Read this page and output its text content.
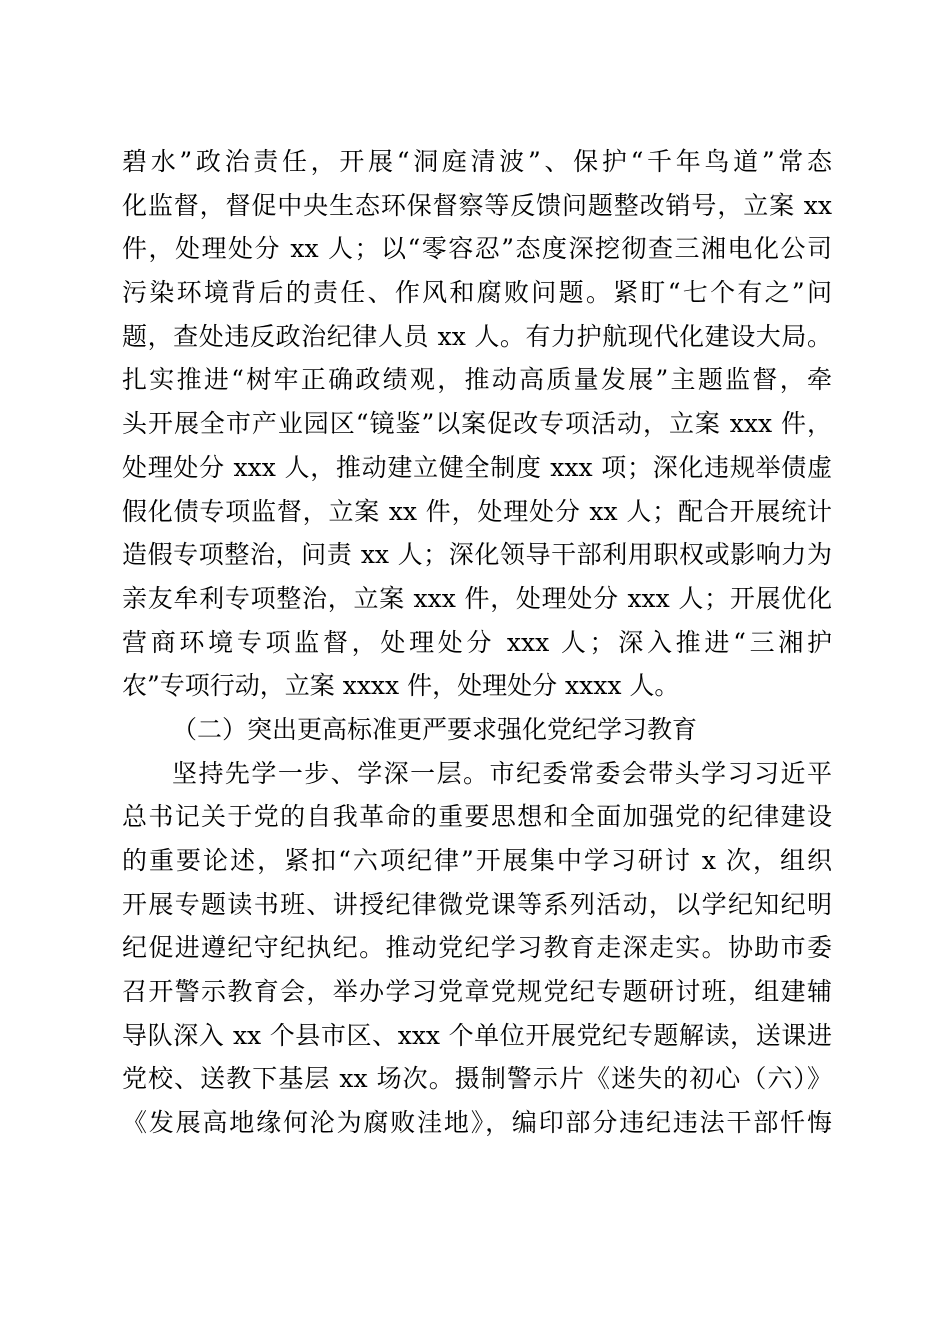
碧水”政治责任，开展“洞庭清波”、保护“千年鸟道”常态
化监督，督促中央生态环保督察等反馈问题整改销号，立案 xx
件，处理处分 xx 人；以“零容忍”态度深挖彻查三湘电化公司
污染环境背后的责任、作风和腐败问题。紧盯“七个有之”问
题，查处违反政治纪律人员 xx 人。有力护航现代化建设大局。
扎实推进“树牢正确政绩观，推动高质量发展”主题监督，牵
头开展全市产业园区“镜鉴”以案促改专项活动，立案 xxx 件，
处理处分 xxx 人，推动建立健全制度 xxx 项；深化违规举债虚
假化债专项监督，立案 xx 件，处理处分 xx 人；配合开展统计
造假专项整治，问责 xx 人；深化领导干部利用职权或影响力为
亲友牟利专项整治，立案 xxx 件，处理处分 xxx 人；开展优化
营商环境专项监督，处理处分 xxx 人；深入推进“三湘护
农”专项行动，立案 xxxx 件，处理处分 xxxx 人。
（二）突出更高标准更严要求强化党纪学习教育
坚持先学一步、学深一层。市纪委常委会带头学习习近平
总书记关于党的自我革命的重要思想和全面加强党的纪律建设
的重要论述，紧扣“六项纪律”开展集中学习研讨 x 次，组织
开展专题读书班、讲授纪律微党课等系列活动，以学纪知纪明
纪促进遵纪守纪执纪。推动党纪学习教育走深走实。协助市委
召开警示教育会，举办学习党章党规党纪专题研讨班，组建辅
导队深入 xx 个县市区、xxx 个单位开展党纪专题解读，送课进
党校、送教下基层 xx 场次。摄制警示片《迷失的初心（六）》
《发展高地缘何沦为腐败洼地》，编印部分违纪违法干部忏悔
